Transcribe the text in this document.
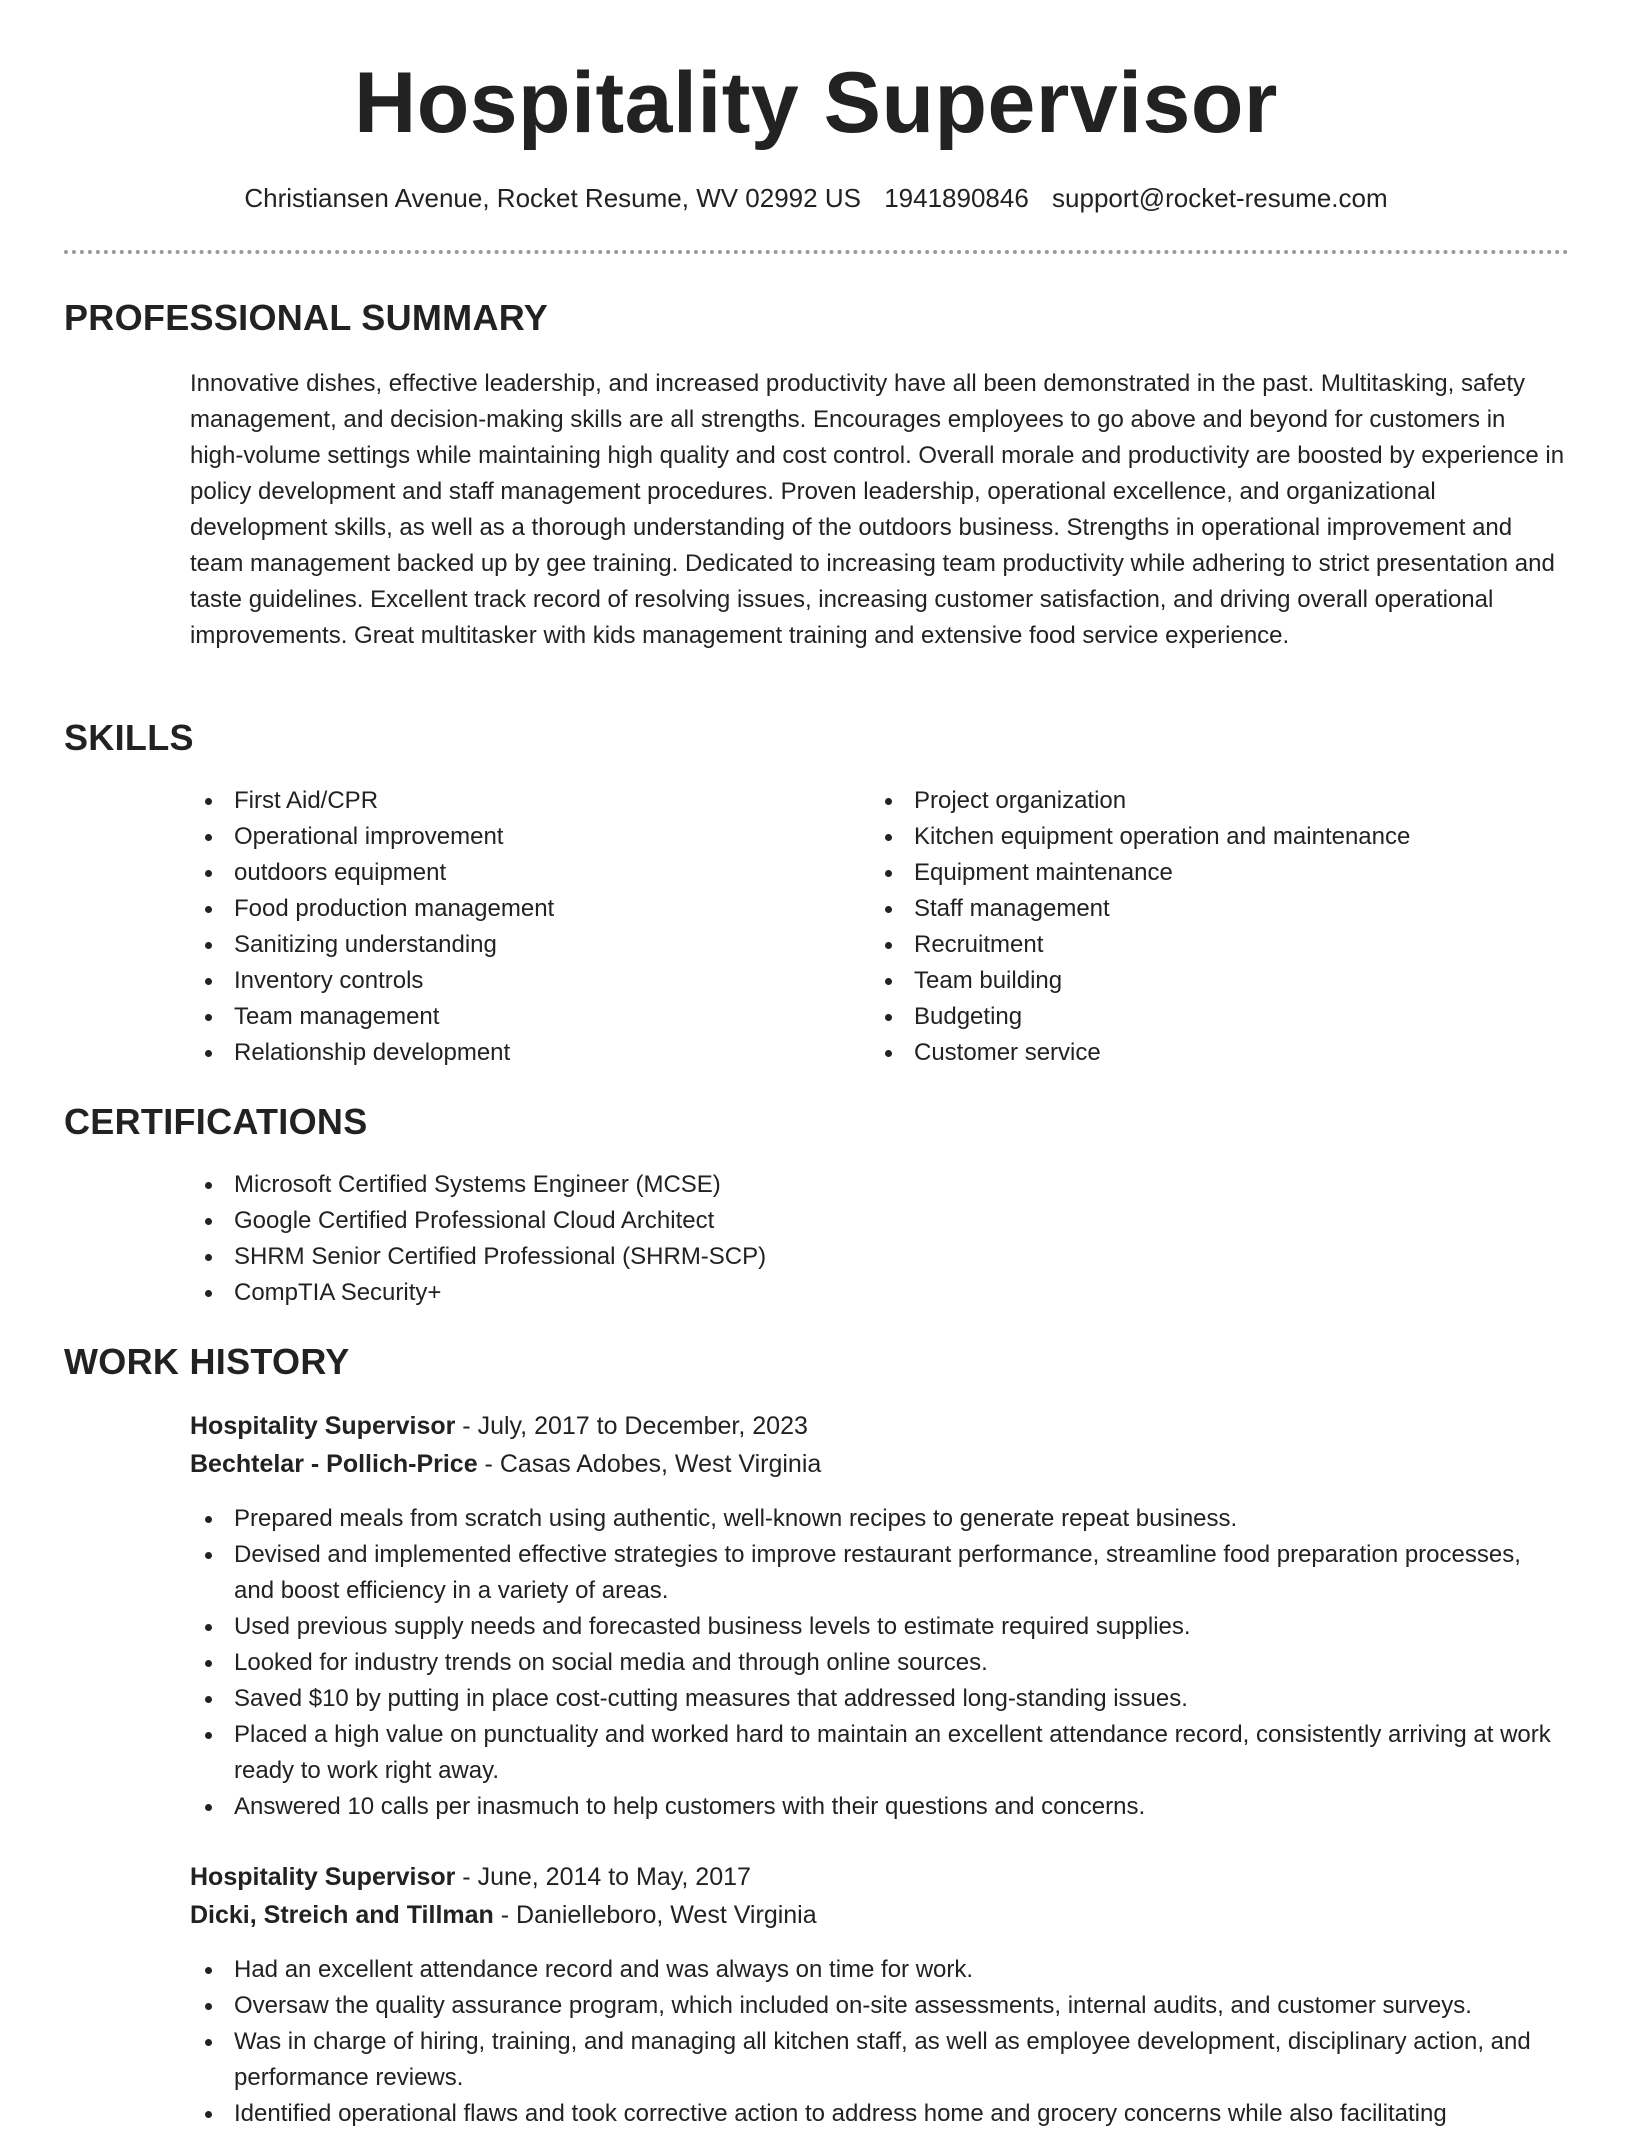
Hospitality Supervisor
Christiansen Avenue, Rocket Resume, WV 02992 US 1941890846 support@rocket-resume.com
PROFESSIONAL SUMMARY

Innovative dishes, effective leadership, and increased productivity have all been demonstrated in the past. Multitasking, safety management, and decision-making skills are all strengths. Encourages employees to go above and beyond for customers in high-volume settings while maintaining high quality and cost control. Overall morale and productivity are boosted by experience in policy development and staff management procedures. Proven leadership, operational excellence, and organizational development skills, as well as a thorough understanding of the outdoors business. Strengths in operational improvement and team management backed up by gee training. Dedicated to increasing team productivity while adhering to strict presentation and taste guidelines. Excellent track record of resolving issues, increasing customer satisfaction, and driving overall operational improvements. Great multitasker with kids management training and extensive food service experience.

SKILLS
First Aid/CPR
Operational improvement
outdoors equipment
Food production management
Sanitizing understanding
Inventory controls
Team management
Relationship development
Project organization
Kitchen equipment operation and maintenance
Equipment maintenance
Staff management
Recruitment
Team building
Budgeting
Customer service
CERTIFICATIONS
Microsoft Certified Systems Engineer (MCSE)
Google Certified Professional Cloud Architect
SHRM Senior Certified Professional (SHRM-SCP)
CompTIA Security+
WORK HISTORY
Hospitality Supervisor - July, 2017 to December, 2023
Bechtelar - Pollich-Price - Casas Adobes, West Virginia
Prepared meals from scratch using authentic, well-known recipes to generate repeat business.
Devised and implemented effective strategies to improve restaurant performance, streamline food preparation processes, and boost efficiency in a variety of areas.
Used previous supply needs and forecasted business levels to estimate required supplies.
Looked for industry trends on social media and through online sources.
Saved $10 by putting in place cost-cutting measures that addressed long-standing issues.
Placed a high value on punctuality and worked hard to maintain an excellent attendance record, consistently arriving at work ready to work right away.
Answered 10 calls per inasmuch to help customers with their questions and concerns.
Hospitality Supervisor - June, 2014 to May, 2017
Dicki, Streich and Tillman - Danielleboro, West Virginia
Had an excellent attendance record and was always on time for work.
Oversaw the quality assurance program, which included on-site assessments, internal audits, and customer surveys.
Was in charge of hiring, training, and managing all kitchen staff, as well as employee development, disciplinary action, and performance reviews.
Identified operational flaws and took corrective action to address home and grocery concerns while also facilitating
